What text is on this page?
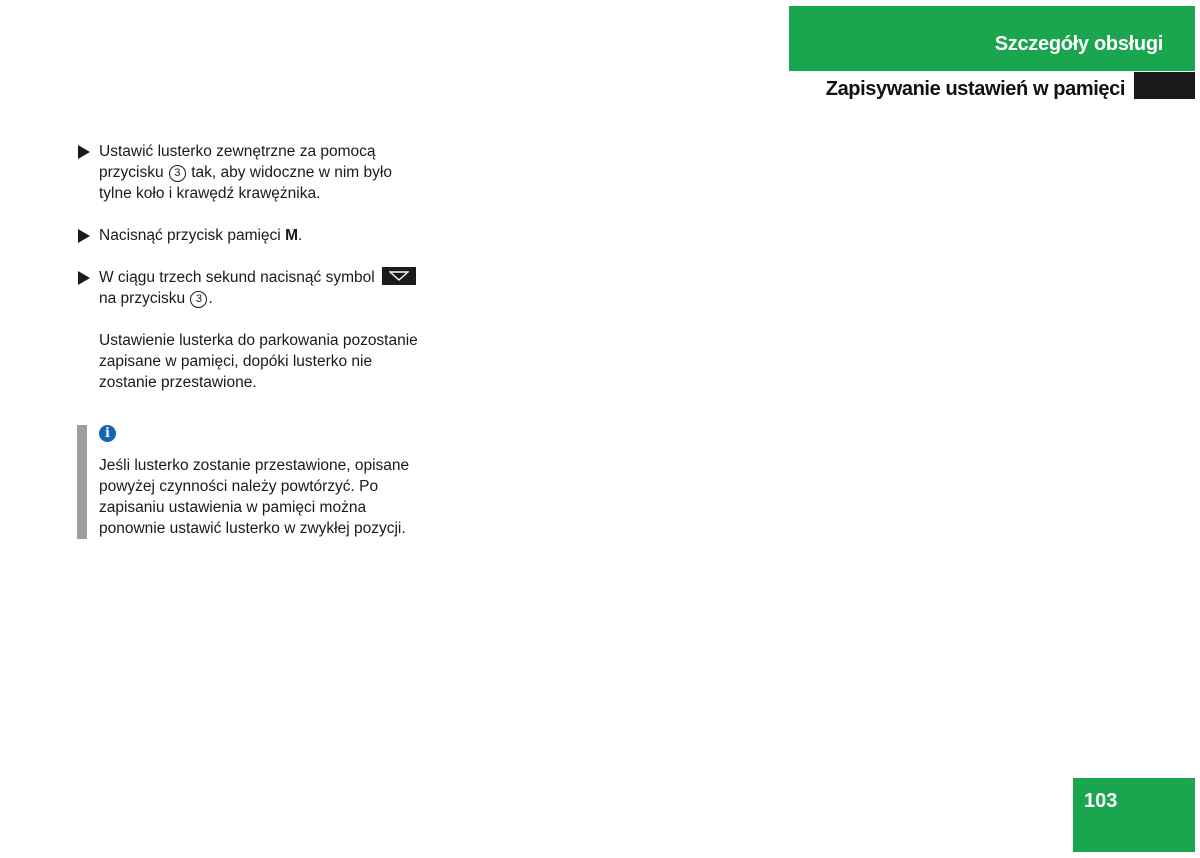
Szczegóły obsługi
Zapisywanie ustawień w pamięci
Ustawić lusterko zewnętrzne za pomocą przycisku 3 tak, aby widoczne w nim było tylne koło i krawędź krawężnika.
Nacisnąć przycisk pamięci M.
W ciągu trzech sekund nacisnąć symbol

na przycisku 3 .
Ustawienie lusterka do parkowania pozostanie zapisane w pamięci, dopóki lusterko nie zostanie przestawione.
i
Jeśli lusterko zostanie przestawione, opisane powyżej czynności należy powtórzyć. Po zapisaniu ustawienia w pamięci można ponownie ustawić lusterko w zwykłej pozycji.
103
